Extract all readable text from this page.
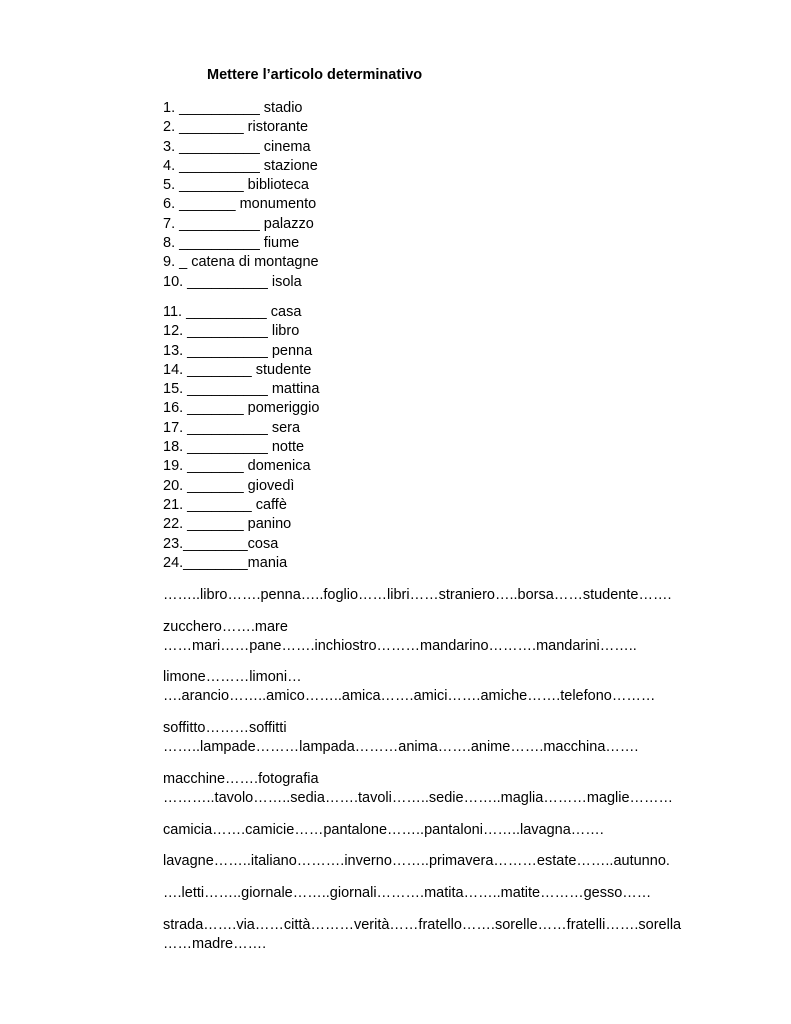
Mettere l’articolo determinativo
1. __________ stadio
2. ________ ristorante
3. __________ cinema
4. __________ stazione
5. ________ biblioteca
6. _______ monumento
7. __________ palazzo
8. __________ fiume
9. _ catena di montagne
10. __________ isola
11. __________ casa
12. __________ libro
13. __________ penna
14. ________ studente
15. __________ mattina
16. _______ pomeriggio
17. __________ sera
18. __________ notte
19. _______ domenica
20. _______ giovedì
21. ________ caffè
22. _______ panino
23.________cosa
24.________mania
……..libro…….penna…..foglio……libri……straniero…..borsa……studente…….
zucchero…….mare
……mari……pane…….inchiostro………mandarino……….mandarini……..
limone………limoni…
….arancio……..amico……..amica…….amici…….amiche…….telefono………
soffitto………soffitti
……..lampade………lampada………anima…….anime…….macchina…….
macchine…….fotografia
………..tavolo……..sedia…….tavoli……..sedie……..maglia………maglie………
camicia…….camicie……pantalone……..pantaloni……..lavagna…….
lavagne……..italiano……….inverno……..primavera………estate……..autunno.
….letti……..giornale……..giornali……….matita……..matite………gesso……
strada…….via……città………verità……fratello…….sorelle……fratelli…….sorella
……madre…….
